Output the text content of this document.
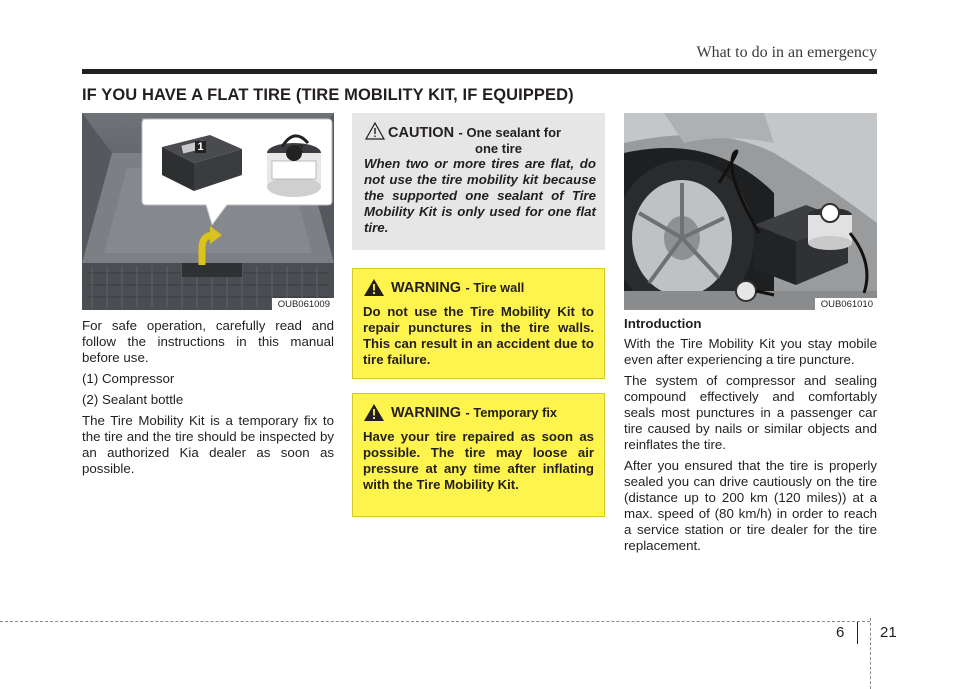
What to do in an emergency
IF YOU HAVE A FLAT TIRE (TIRE MOBILITY KIT, IF EQUIPPED)
1	2
OUB061009

For safe operation, carefully read and follow the instructions in this manual before use.

(1) Compressor

(2) Sealant bottle

The Tire Mobility Kit is a temporary fix to the tire and the tire should be inspected by an authorized Kia dealer as soon as possible.

CAUTION - One sealant for
one tire
When two or more tires are flat, do not use the tire mobility kit because the supported one sealant of Tire Mobility Kit is only used for one flat tire.
WARNING - Tire wall
Do not use the Tire Mobility Kit to repair punctures in the tire walls. This can result in an accident due to tire failure.
WARNING - Temporary fix
Have your tire repaired as soon as possible. The tire may loose air pressure at any time after inflating with the Tire Mobility Kit.
OUB061010

Introduction

With the Tire Mobility Kit you stay mobile even after experiencing a tire puncture.

The system of compressor and sealing compound effectively and comfortably seals most punctures in a passenger car tire caused by nails or similar objects and reinflates the tire.

After you ensured that the tire is properly sealed you can drive cautiously on the tire (distance up to 200 km (120 miles)) at a max. speed of (80 km/h) in order to reach a service station or tire dealer for the tire replacement.

6 21
